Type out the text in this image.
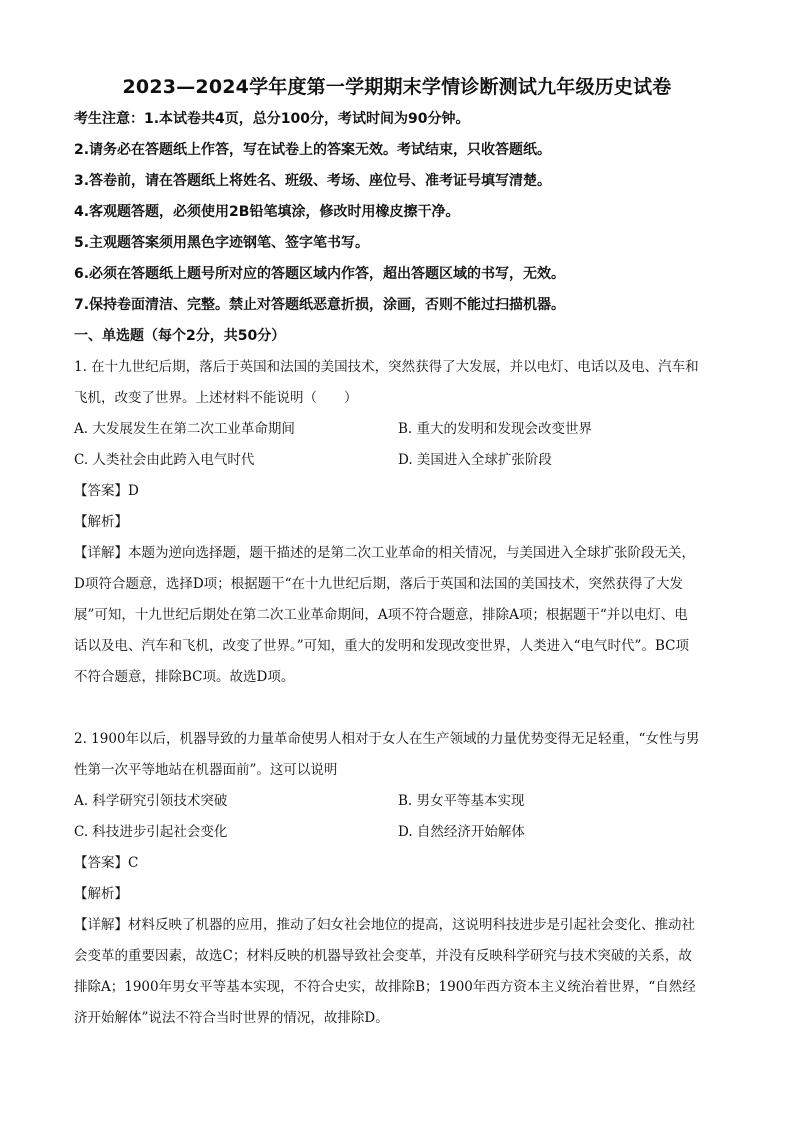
2023—2024学年度第一学期期末学情诊断测试九年级历史试卷
考生注意：1.本试卷共4页，总分100分，考试时间为90分钟。
2.请务必在答题纸上作答，写在试卷上的答案无效。考试结束，只收答题纸。
3.答卷前，请在答题纸上将姓名、班级、考场、座位号、准考证号填写清楚。
4.客观题答题，必须使用2B铅笔填涂，修改时用橡皮擦干净。
5.主观题答案须用黑色字迹钢笔、签字笔书写。
6.必须在答题纸上题号所对应的答题区域内作答，超出答题区域的书写，无效。
7.保持卷面清洁、完整。禁止对答题纸恶意折损，涂画，否则不能过扫描机器。
一、单选题（每个2分，共50分）

1. 在十九世纪后期，落后于英国和法国的美国技术，突然获得了大发展，并以电灯、电话以及电、汽车和

飞机，改变了世界。上述材料不能说明（　　）

A. 大发展发生在第二次工业革命期间	B. 重大的发明和发现会改变世界
C. 人类社会由此跨入电气时代	D. 美国进入全球扩张阶段

【答案】D

【解析】

【详解】本题为逆向选择题，题干描述的是第二次工业革命的相关情况，与美国进入全球扩张阶段无关，

D项符合题意，选择D项；根据题干“在十九世纪后期，落后于英国和法国的美国技术，突然获得了大发

展”可知，十九世纪后期处在第二次工业革命期间，A项不符合题意，排除A项；根据题干“并以电灯、电

话以及电、汽车和飞机，改变了世界。”可知，重大的发明和发现改变世界，人类进入“电气时代”。BC项

不符合题意，排除BC项。故选D项。

2. 1900年以后，机器导致的力量革命使男人相对于女人在生产领域的力量优势变得无足轻重，“女性与男

性第一次平等地站在机器面前”。这可以说明

A. 科学研究引领技术突破	B. 男女平等基本实现
C. 科技进步引起社会变化	D. 自然经济开始解体

【答案】C

【解析】

【详解】材料反映了机器的应用，推动了妇女社会地位的提高，这说明科技进步是引起社会变化、推动社

会变革的重要因素，故选C；材料反映的机器导致社会变革，并没有反映科学研究与技术突破的关系，故

排除A；1900年男女平等基本实现，不符合史实，故排除B；1900年西方资本主义统治着世界，“自然经

济开始解体”说法不符合当时世界的情况，故排除D。
